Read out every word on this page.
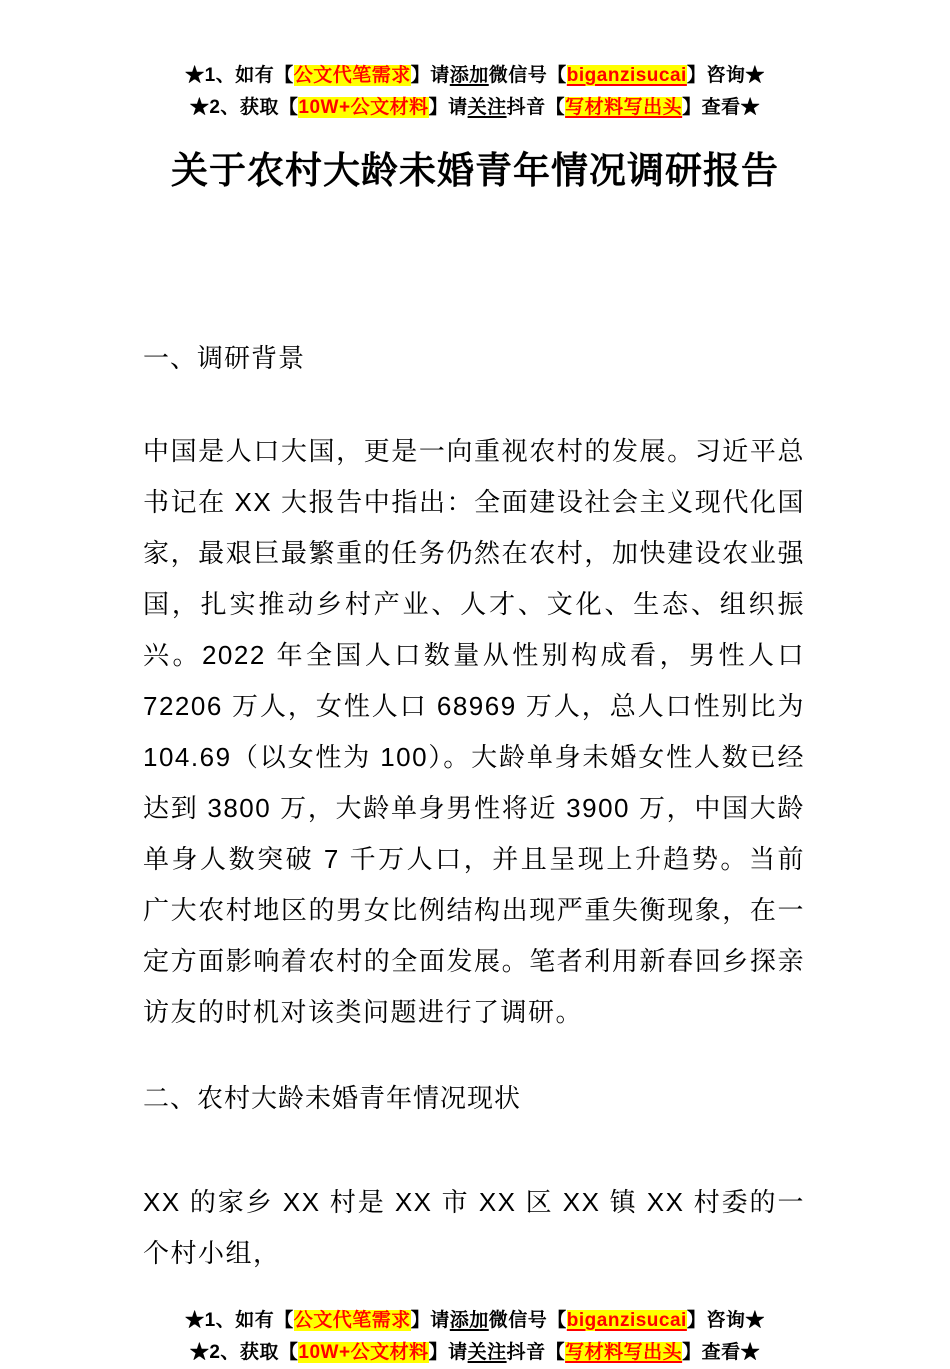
★1、如有【公文代笔需求】请添加微信号【biganzisucai】咨询★
★2、获取【10W+公文材料】请关注抖音【写材料写出头】查看★
关于农村大龄未婚青年情况调研报告
一、调研背景

中国是人口大国，更是一向重视农村的发展。习近平总书记在 XX 大报告中指出：全面建设社会主义现代化国家，最艰巨最繁重的任务仍然在农村，加快建设农业强国，扎实推动乡村产业、人才、文化、生态、组织振兴。2022 年全国人口数量从性别构成看，男性人口 72206 万人，女性人口 68969 万人，总人口性别比为 104.69（以女性为 100）。大龄单身未婚女性人数已经达到 3800 万，大龄单身男性将近 3900 万，中国大龄单身人数突破 7 千万人口，并且呈现上升趋势。当前广大农村地区的男女比例结构出现严重失衡现象，在一定方面影响着农村的全面发展。笔者利用新春回乡探亲访友的时机对该类问题进行了调研。

二、农村大龄未婚青年情况现状

XX 的家乡 XX 村是 XX 市 XX 区 XX 镇 XX 村委的一个村小组，

★1、如有【公文代笔需求】请添加微信号【biganzisucai】咨询★
★2、获取【10W+公文材料】请关注抖音【写材料写出头】查看★
